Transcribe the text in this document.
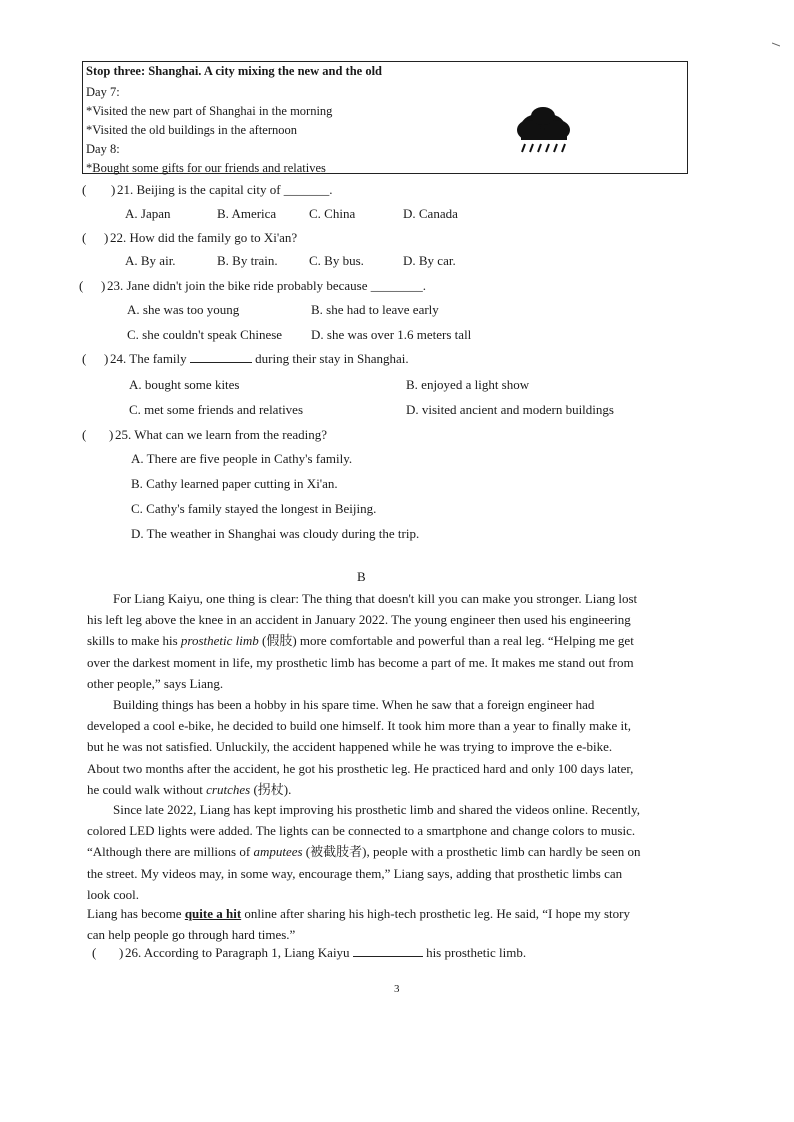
Stop three: Shanghai. A city mixing the new and the old
Day 7:
*Visited the new part of Shanghai in the morning
*Visited the old buildings in the afternoon
Day 8:
*Bought some gifts for our friends and relatives
( ) 21. Beijing is the capital city of _______.
A. Japan	B. America	C. China	D. Canada
( ) 22. How did the family go to Xi'an?
A. By air.	B. By train. C. By bus.	D. By car.
( ) 23. Jane didn't join the bike ride probably because ________.
A. she was too young	B. she had to leave early
C. she couldn't speak Chinese D. she was over 1.6 meters tall
( ) 24. The family	during their stay in Shanghai.
A. bought some kites	B. enjoyed a light show
C. met some friends and relatives	D. visited ancient and modern buildings
( ) 25. What can we learn from the reading?
A. There are five people in Cathy's family.
B. Cathy learned paper cutting in Xi'an.
C. Cathy's family stayed the longest in Beijing.
D. The weather in Shanghai was cloudy during the trip.
B
For Liang Kaiyu, one thing is clear: The thing that doesn't kill you can make you stronger. Liang lost
his left leg above the knee in an accident in January 2022. The young engineer then used his engineering
skills to make his prosthetic limb (假肢) more comfortable and powerful than a real leg. “Helping me get
over the darkest moment in life, my prosthetic limb has become a part of me. It makes me stand out from
other people,” says Liang.
Building things has been a hobby in his spare time. When he saw that a foreign engineer had
developed a cool e-bike, he decided to build one himself. It took him more than a year to finally make it,
but he was not satisfied. Unluckily, the accident happened while he was trying to improve the e-bike.
About two months after the accident, he got his prosthetic leg. He practiced hard and only 100 days later,
he could walk without crutches (拐杖).
Since late 2022, Liang has kept improving his prosthetic limb and shared the videos online. Recently,
colored LED lights were added. The lights can be connected to a smartphone and change colors to music.
“Although there are millions of amputees (被截肢者), people with a prosthetic limb can hardly be seen on
the street. My videos may, in some way, encourage them,” Liang says, adding that prosthetic limbs can
look cool.
Liang has become quite a hit online after sharing his high-tech prosthetic leg. He said, “I hope my story
can help people go through hard times.”
( ) 26. According to Paragraph 1, Liang Kaiyu	his prosthetic limb.
3
